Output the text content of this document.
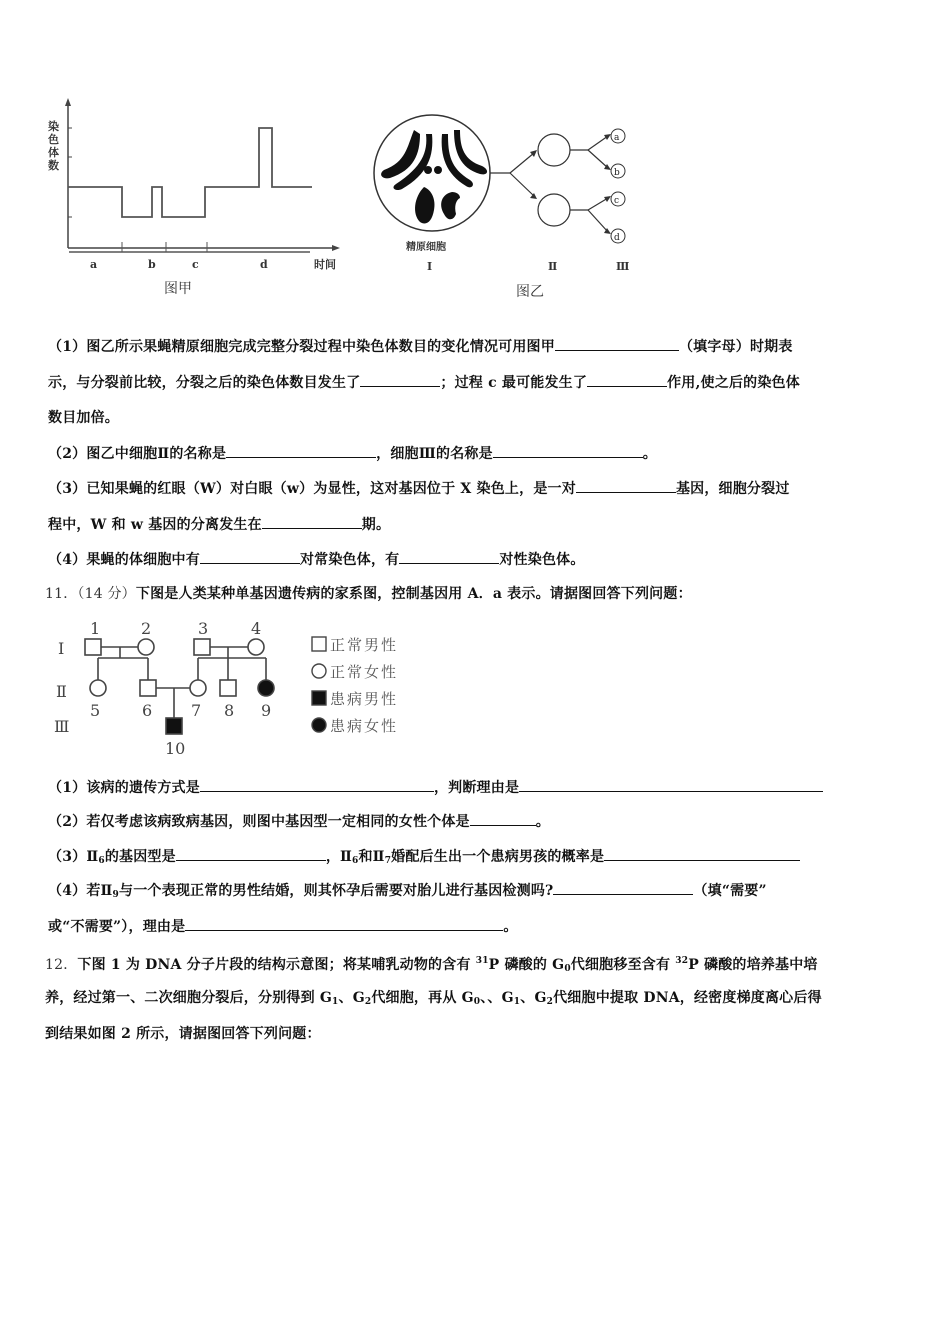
染
色
体
数
a	b	c	d	时间
图甲
a
b
c
d
精原细胞
Ⅰ	Ⅱ	Ⅲ
图乙
（1）图乙所示果蝇精原细胞完成完整分裂过程中染色体数目的变化情况可用图甲	（填字母）时期表
示，与分裂前比较，分裂之后的染色体数目发生了	；过程 c 最可能发生了	作用,使之后的染色体
数目加倍。
（2）图乙中细胞Ⅱ的名称是	，细胞Ⅲ的名称是	。
（3）已知果蝇的红眼（W）对白眼（w）为显性，这对基因位于 X 染色上，是一对	基因，细胞分裂过
程中，W 和 w 基因的分离发生在	期。
（4）果蝇的体细胞中有	对常染色体，有	对性染色体。
11．（14 分）下图是人类某种单基因遗传病的家系图，控制基因用 A．a 表示。请据图回答下列问题：
Ⅰ
Ⅱ
Ⅲ
1	2	3	4
5	6 7 8 9
10
正常男性
正常女性
患病男性
患病女性
（1）该病的遗传方式是	，判断理由是
（2）若仅考虑该病致病基因，则图中基因型一定相同的女性个体是	。
$(3)Ⅱ_6$的基因型是	，$Ⅱ_6$和$Ⅱ_7$婚配后生出一个患病男孩的概率是
（4）若$Ⅱ_9$与一个表现正常的男性结婚，则其怀孕后需要对胎儿进行基因检测吗?	（填“需要”
或“不需要”），理由是	。
12．下图 1 为 DNA 分子片段的结构示意图；将某哺乳动物的含有 $^{31}$P 磷酸的 $G_0$代细胞移至含有 $^{32}$P 磷酸的培养基中培
养，经过第一、二次细胞分裂后，分别得到 $G_1$、$G_2$代细胞，再从 $G_0$、、$G_1$、$G_2$代细胞中提取 DNA，经密度梯度离心后得
到结果如图 2 所示，请据图回答下列问题：
